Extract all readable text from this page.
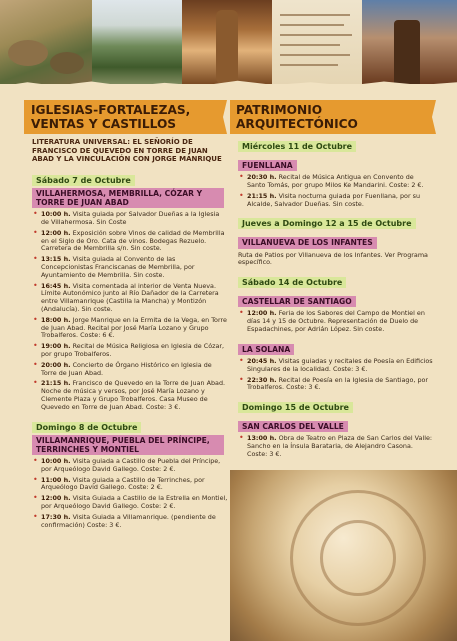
IGLESIAS-FORTALEZAS, VENTAS Y CASTILLOS
LITERATURA UNIVERSAL: EL SEÑORÍO DE FRANCISCO DE QUEVEDO EN TORRE DE JUAN ABAD Y LA VINCULACIÓN CON JORGE MANRIQUE
Sábado 7 de Octubre
VILLAHERMOSA, MEMBRILLA, CÓZAR Y TORRE DE JUAN ABAD
• 10:00 h. Visita guiada por Salvador Dueñas a la Iglesia de Villahermosa. Sin Coste
• 12:00 h. Exposición sobre Vinos de calidad de Membrilla en el Siglo de Oro. Cata de vinos. Bodegas Rezuelo. Carretera de Membrilla s/n. Sin coste.
• 13:15 h. Visita guiada al Convento de las Concepcionistas Franciscanas de Membrilla, por Ayuntamiento de Membrilla. Sin coste.
• 16:45 h. Visita comentada al interior de Venta Nueva. Límite Autonómico junto al Río Dañador de la Carretera entre Villamanrique (Castilla la Mancha) y Montizón (Andalucía). Sin coste.
• 18:00 h. Jorge Manrique en la Ermita de la Vega, en Torre de Juan Abad. Recital por José María Lozano y Grupo Trobalferos. Coste: 6 €.
• 19:00 h. Recital de Música Religiosa en Iglesia de Cózar, por grupo Trobalferos.
• 20:00 h. Concierto de Órgano Histórico en Iglesia de Torre de Juan Abad.
• 21:15 h. Francisco de Quevedo en la Torre de Juan Abad. Noche de música y versos, por José María Lozano y Clemente Plaza y Grupo Trobalferos. Casa Museo de Quevedo en Torre de Juan Abad. Coste: 3 €.
Domingo 8 de Octubre
VILLAMANRIQUE, PUEBLA DEL PRÍNCIPE, TERRINCHES Y MONTIEL
• 10:00 h. Visita guiada a Castillo de Puebla del Príncipe, por Arqueólogo David Gallego. Coste: 2 €.
• 11:00 h. Visita guiada a Castillo de Terrinches, por Arqueólogo David Gallego. Coste: 2 €.
• 12:00 h. Visita Guiada a Castillo de la Estrella en Montiel, por Arqueólogo David Gallego. Coste: 2 €.
• 17:30 h. Visita Guiada a Villamanrique. (pendiente de confirmación) Coste: 3 €.
PATRIMONIO ARQUITECTÓNICO
Miércoles 11 de Octubre
FUENLLANA
• 20:30 h. Recital de Música Antigua en Convento de Santo Tomás, por grupo Milos Ke Mandarini. Coste: 2 €.
• 21:15 h. Visita nocturna guiada por Fuenllana, por su Alcalde, Salvador Dueñas. Sin coste.
Jueves a Domingo 12 a 15 de Octubre
VILLANUEVA DE LOS INFANTES
Ruta de Patios por Villanueva de los Infantes. Ver Programa específico.
Sábado 14 de Octubre
CASTELLAR DE SANTIAGO
• 12:00 h. Feria de los Sabores del Campo de Montiel en días 14 y 15 de Octubre. Representación de Duelo de Espadachines, por Adrián López. Sin coste.
LA SOLANA
• 20:45 h. Visitas guiadas y recitales de Poesía en Edificios Singulares de la localidad. Coste: 3 €.
• 22:30 h. Recital de Poesía en la Iglesia de Santiago, por Trobalferos. Coste: 3 €.
Domingo 15 de Octubre
SAN CARLOS DEL VALLE
• 13:00 h. Obra de Teatro en Plaza de San Carlos del Valle: Sancho en la Ínsula Barataria, de Alejandro Casona. Coste: 3 €.
